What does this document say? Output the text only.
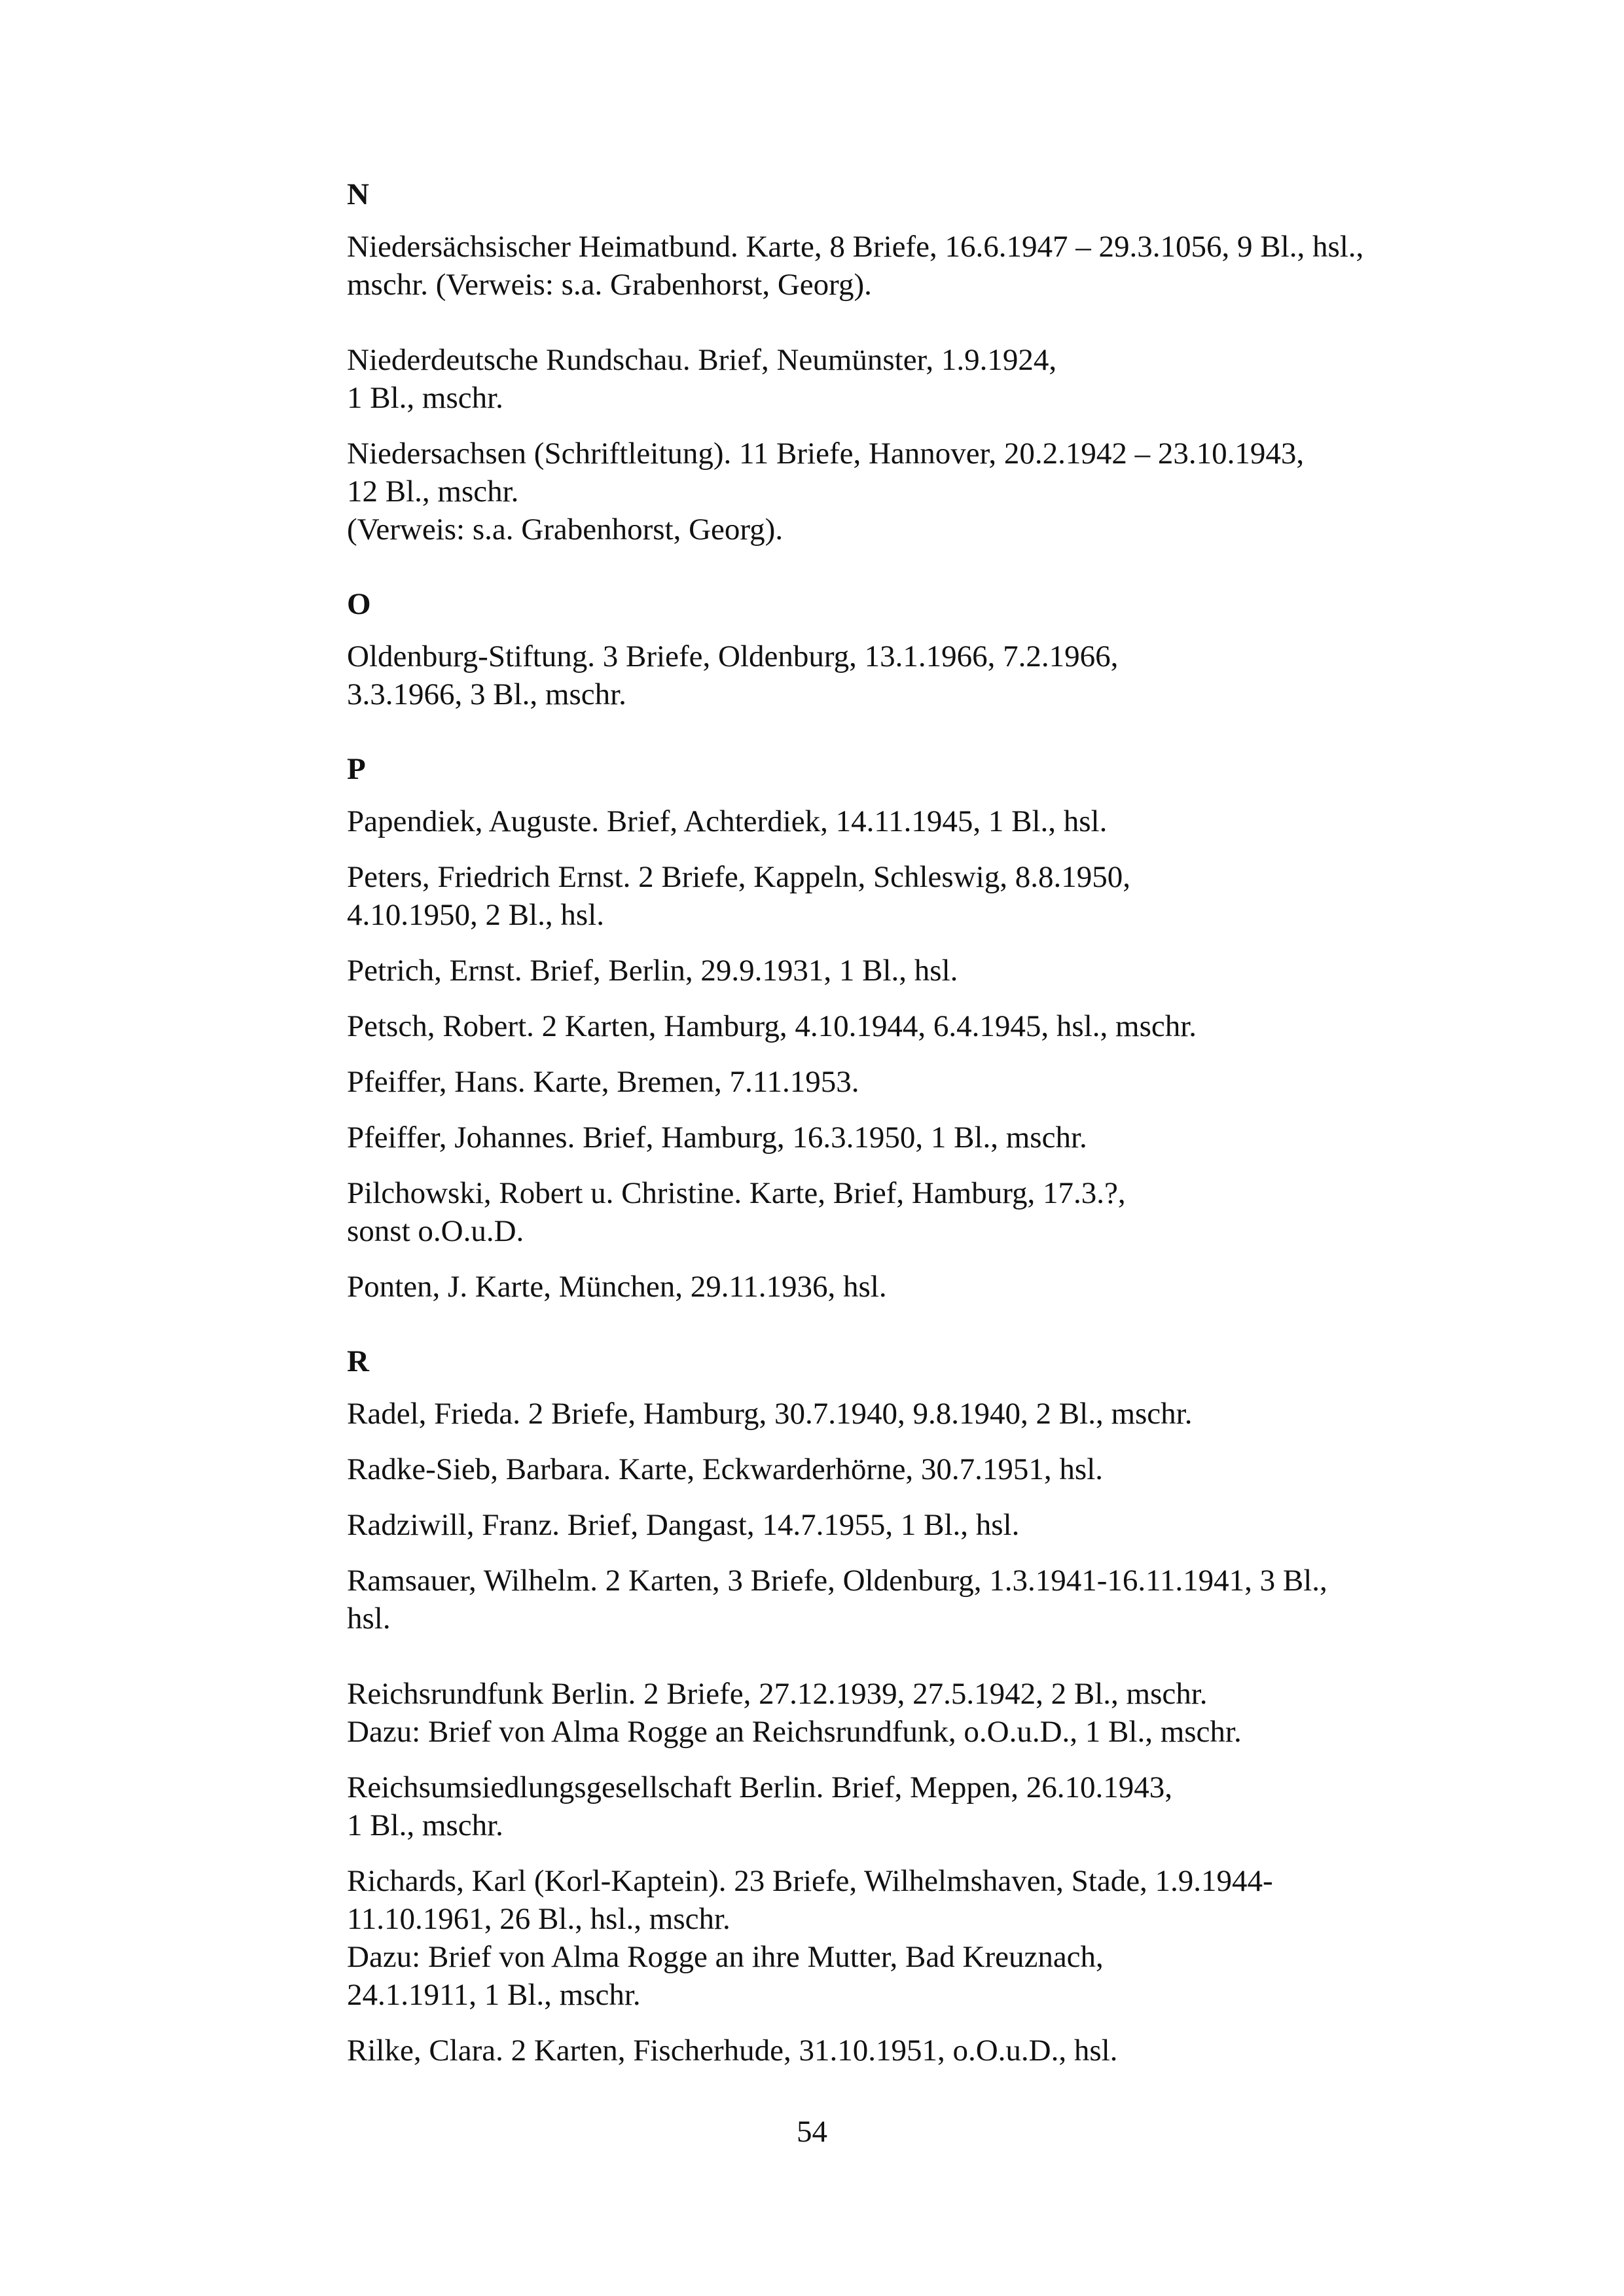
N
Niedersächsischer Heimatbund. Karte, 8 Briefe, 16.6.1947 – 29.3.1056, 9 Bl., hsl.,
mschr. (Verweis: s.a. Grabenhorst, Georg).
Niederdeutsche Rundschau. Brief, Neumünster, 1.9.1924,
1 Bl., mschr.
Niedersachsen (Schriftleitung). 11 Briefe, Hannover, 20.2.1942 – 23.10.1943,
12 Bl., mschr.
(Verweis: s.a. Grabenhorst, Georg).
O
Oldenburg-Stiftung. 3 Briefe, Oldenburg, 13.1.1966, 7.2.1966,
3.3.1966, 3 Bl., mschr.
P
Papendiek, Auguste. Brief, Achterdiek, 14.11.1945, 1 Bl., hsl.
Peters, Friedrich Ernst. 2 Briefe, Kappeln, Schleswig, 8.8.1950,
4.10.1950, 2 Bl., hsl.
Petrich, Ernst. Brief, Berlin, 29.9.1931, 1 Bl., hsl.
Petsch, Robert. 2 Karten, Hamburg, 4.10.1944, 6.4.1945, hsl., mschr.
Pfeiffer, Hans. Karte, Bremen, 7.11.1953.
Pfeiffer, Johannes. Brief, Hamburg, 16.3.1950, 1 Bl., mschr.
Pilchowski, Robert u. Christine. Karte, Brief, Hamburg, 17.3.?,
sonst o.O.u.D.
Ponten, J. Karte, München, 29.11.1936, hsl.
R
Radel, Frieda. 2 Briefe, Hamburg, 30.7.1940, 9.8.1940, 2 Bl., mschr.
Radke-Sieb, Barbara. Karte, Eckwarderhörne, 30.7.1951, hsl.
Radziwill, Franz. Brief, Dangast, 14.7.1955, 1 Bl., hsl.
Ramsauer, Wilhelm. 2 Karten, 3 Briefe, Oldenburg, 1.3.1941-16.11.1941, 3 Bl.,
hsl.
Reichsrundfunk Berlin. 2 Briefe, 27.12.1939, 27.5.1942, 2 Bl., mschr.
Dazu: Brief von Alma Rogge an Reichsrundfunk, o.O.u.D., 1 Bl., mschr.
Reichsumsiedlungsgesellschaft Berlin. Brief, Meppen, 26.10.1943,
1 Bl., mschr.
Richards, Karl (Korl-Kaptein). 23 Briefe, Wilhelmshaven, Stade, 1.9.1944-
11.10.1961, 26 Bl., hsl., mschr.
Dazu: Brief von Alma Rogge an ihre Mutter, Bad Kreuznach,
24.1.1911, 1 Bl., mschr.
Rilke, Clara. 2 Karten, Fischerhude, 31.10.1951, o.O.u.D., hsl.
54
